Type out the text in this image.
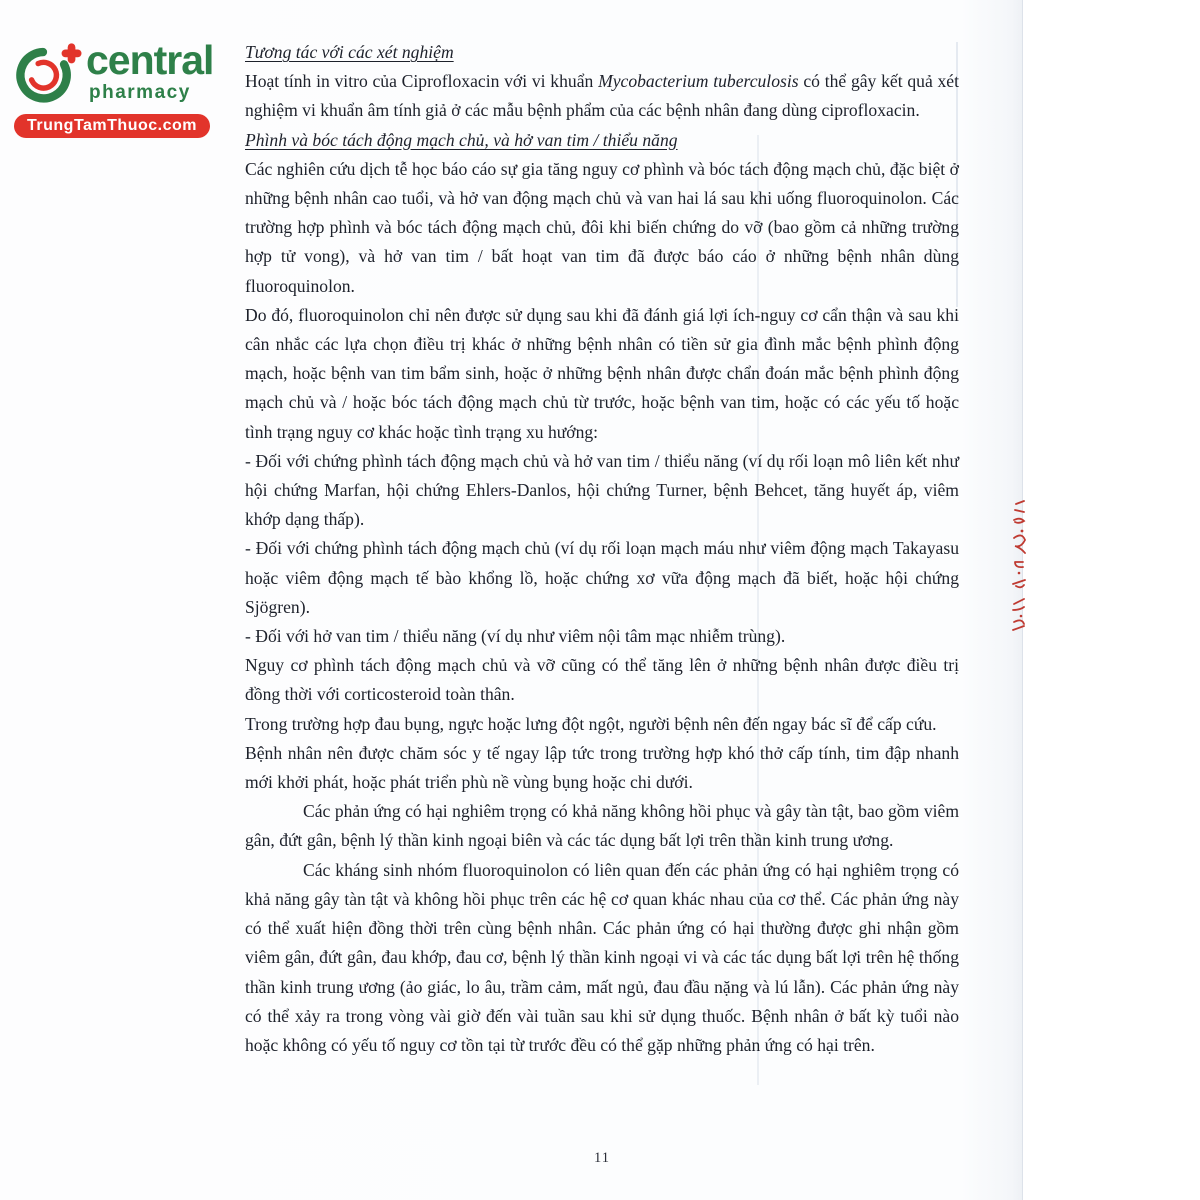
central
pharmacy
TrungTamThuoc.com
Tương tác với các xét nghiệm

Hoạt tính in vitro của Ciprofloxacin với vi khuẩn Mycobacterium tuberculosis có thể gây kết quả xét nghiệm vi khuẩn âm tính giả ở các mẫu bệnh phẩm của các bệnh nhân đang dùng ciprofloxacin.

Phình và bóc tách động mạch chủ, và hở van tim / thiểu năng

Các nghiên cứu dịch tễ học báo cáo sự gia tăng nguy cơ phình và bóc tách động mạch chủ, đặc biệt ở những bệnh nhân cao tuổi, và hở van động mạch chủ và van hai lá sau khi uống fluoroquinolon. Các trường hợp phình và bóc tách động mạch chủ, đôi khi biến chứng do vỡ (bao gồm cả những trường hợp tử vong), và hở van tim / bất hoạt van tim đã được báo cáo ở những bệnh nhân dùng fluoroquinolon.

Do đó, fluoroquinolon chỉ nên được sử dụng sau khi đã đánh giá lợi ích-nguy cơ cẩn thận và sau khi cân nhắc các lựa chọn điều trị khác ở những bệnh nhân có tiền sử gia đình mắc bệnh phình động mạch, hoặc bệnh van tim bẩm sinh, hoặc ở những bệnh nhân được chẩn đoán mắc bệnh phình động mạch chủ và / hoặc bóc tách động mạch chủ từ trước, hoặc bệnh van tim, hoặc có các yếu tố hoặc tình trạng nguy cơ khác hoặc tình trạng xu hướng:

- Đối với chứng phình tách động mạch chủ và hở van tim / thiểu năng (ví dụ rối loạn mô liên kết như hội chứng Marfan, hội chứng Ehlers-Danlos, hội chứng Turner, bệnh Behcet, tăng huyết áp, viêm khớp dạng thấp).

- Đối với chứng phình tách động mạch chủ (ví dụ rối loạn mạch máu như viêm động mạch Takayasu hoặc viêm động mạch tế bào khổng lồ, hoặc chứng xơ vữa động mạch đã biết, hoặc hội chứng Sjögren).

- Đối với hở van tim / thiểu năng (ví dụ như viêm nội tâm mạc nhiễm trùng).

Nguy cơ phình tách động mạch chủ và vỡ cũng có thể tăng lên ở những bệnh nhân được điều trị đồng thời với corticosteroid toàn thân.

Trong trường hợp đau bụng, ngực hoặc lưng đột ngột, người bệnh nên đến ngay bác sĩ để cấp cứu.

Bệnh nhân nên được chăm sóc y tế ngay lập tức trong trường hợp khó thở cấp tính, tim đập nhanh mới khởi phát, hoặc phát triển phù nề vùng bụng hoặc chi dưới.

Các phản ứng có hại nghiêm trọng có khả năng không hồi phục và gây tàn tật, bao gồm viêm gân, đứt gân, bệnh lý thần kinh ngoại biên và các tác dụng bất lợi trên thần kinh trung ương.

Các kháng sinh nhóm fluoroquinolon có liên quan đến các phản ứng có hại nghiêm trọng có khả năng gây tàn tật và không hồi phục trên các hệ cơ quan khác nhau của cơ thể. Các phản ứng này có thể xuất hiện đồng thời trên cùng bệnh nhân. Các phản ứng có hại thường được ghi nhận gồm viêm gân, đứt gân, đau khớp, đau cơ, bệnh lý thần kinh ngoại vi và các tác dụng bất lợi trên hệ thống thần kinh trung ương (ảo giác, lo âu, trầm cảm, mất ngủ, đau đầu nặng và lú lẫn). Các phản ứng này có thể xảy ra trong vòng vài giờ đến vài tuần sau khi sử dụng thuốc. Bệnh nhân ở bất kỳ tuổi nào hoặc không có yếu tố nguy cơ tồn tại từ trước đều có thể gặp những phản ứng có hại trên.

11
